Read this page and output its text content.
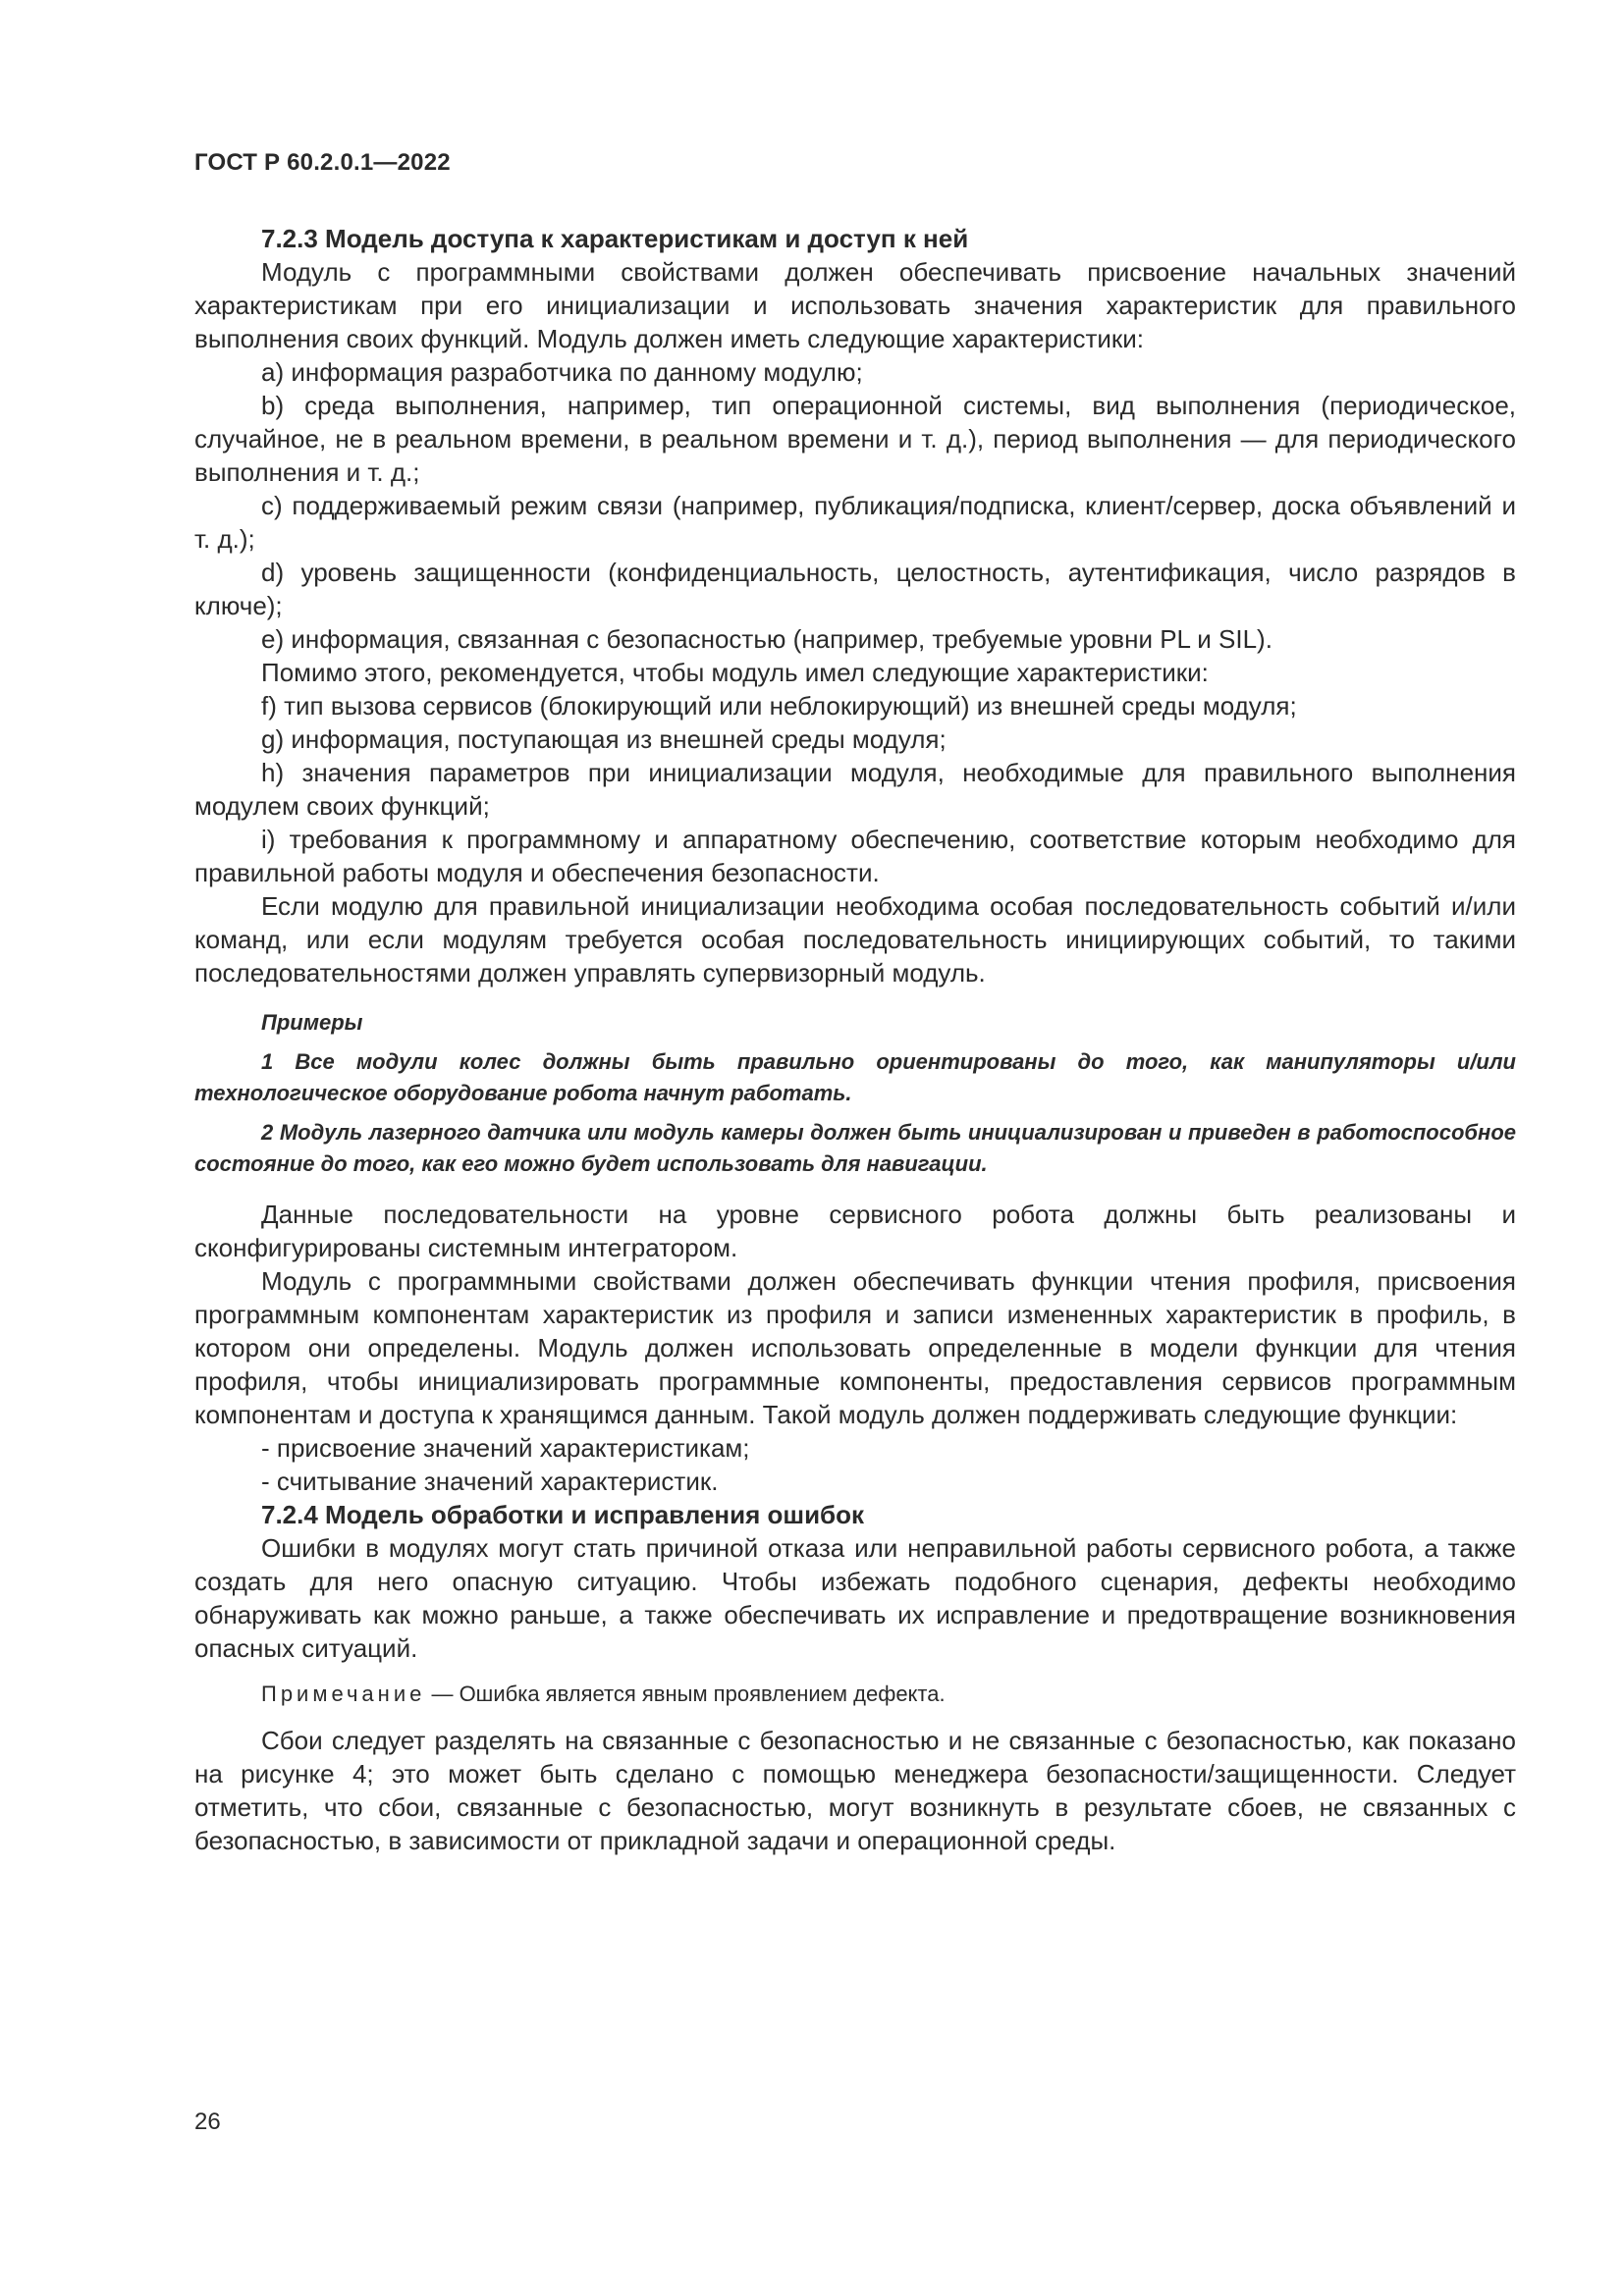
ГОСТ Р 60.2.0.1—2022
7.2.3 Модель доступа к характеристикам и доступ к ней

Модуль с программными свойствами должен обеспечивать присвоение начальных значений характеристикам при его инициализации и использовать значения характеристик для правильного выполнения своих функций. Модуль должен иметь следующие характеристики:

a) информация разработчика по данному модулю;

b) среда выполнения, например, тип операционной системы, вид выполнения (периодическое, случайное, не в реальном времени, в реальном времени и т. д.), период выполнения — для периодического выполнения и т. д.;

c) поддерживаемый режим связи (например, публикация/подписка, клиент/сервер, доска объявлений и т. д.);

d) уровень защищенности (конфиденциальность, целостность, аутентификация, число разрядов в ключе);

e) информация, связанная с безопасностью (например, требуемые уровни PL и SIL).

Помимо этого, рекомендуется, чтобы модуль имел следующие характеристики:

f) тип вызова сервисов (блокирующий или неблокирующий) из внешней среды модуля;

g) информация, поступающая из внешней среды модуля;

h) значения параметров при инициализации модуля, необходимые для правильного выполнения модулем своих функций;

i) требования к программному и аппаратному обеспечению, соответствие которым необходимо для правильной работы модуля и обеспечения безопасности.

Если модулю для правильной инициализации необходима особая последовательность событий и/или команд, или если модулям требуется особая последовательность инициирующих событий, то такими последовательностями должен управлять супервизорный модуль.

Примеры

1 Все модули колес должны быть правильно ориентированы до того, как манипуляторы и/или технологическое оборудование робота начнут работать.

2 Модуль лазерного датчика или модуль камеры должен быть инициализирован и приведен в работоспособное состояние до того, как его можно будет использовать для навигации.

Данные последовательности на уровне сервисного робота должны быть реализованы и сконфигурированы системным интегратором.

Модуль с программными свойствами должен обеспечивать функции чтения профиля, присвоения программным компонентам характеристик из профиля и записи измененных характеристик в профиль, в котором они определены. Модуль должен использовать определенные в модели функции для чтения профиля, чтобы инициализировать программные компоненты, предоставления сервисов программным компонентам и доступа к хранящимся данным. Такой модуль должен поддерживать следующие функции:

- присвоение значений характеристикам;

- считывание значений характеристик.

7.2.4 Модель обработки и исправления ошибок

Ошибки в модулях могут стать причиной отказа или неправильной работы сервисного робота, а также создать для него опасную ситуацию. Чтобы избежать подобного сценария, дефекты необходимо обнаруживать как можно раньше, а также обеспечивать их исправление и предотвращение возникновения опасных ситуаций.

Примечание — Ошибка является явным проявлением дефекта.

Сбои следует разделять на связанные с безопасностью и не связанные с безопасностью, как показано на рисунке 4; это может быть сделано с помощью менеджера безопасности/защищенности. Следует отметить, что сбои, связанные с безопасностью, могут возникнуть в результате сбоев, не связанных с безопасностью, в зависимости от прикладной задачи и операционной среды.

26
